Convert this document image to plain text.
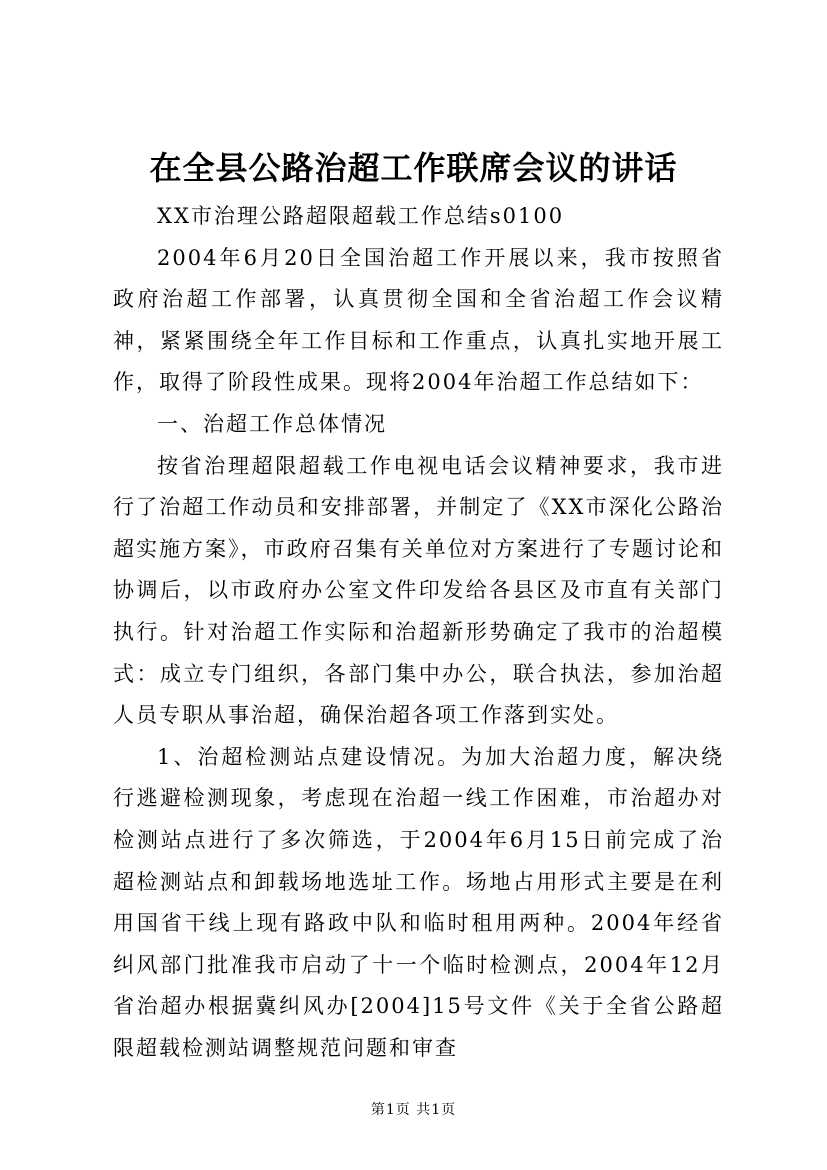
在全县公路治超工作联席会议的讲话

XX市治理公路超限超载工作总结s0100

2004年6月20日全国治超工作开展以来，我市按照省政府治超工作部署，认真贯彻全国和全省治超工作会议精神，紧紧围绕全年工作目标和工作重点，认真扎实地开展工作，取得了阶段性成果。现将2004年治超工作总结如下：

一、治超工作总体情况

按省治理超限超载工作电视电话会议精神要求，我市进行了治超工作动员和安排部署，并制定了《XX市深化公路治超实施方案》，市政府召集有关单位对方案进行了专题讨论和协调后，以市政府办公室文件印发给各县区及市直有关部门执行。针对治超工作实际和治超新形势确定了我市的治超模式：成立专门组织，各部门集中办公，联合执法，参加治超人员专职从事治超，确保治超各项工作落到实处。

1、治超检测站点建设情况。为加大治超力度，解决绕行逃避检测现象，考虑现在治超一线工作困难，市治超办对检测站点进行了多次筛选，于2004年6月15日前完成了治超检测站点和卸载场地选址工作。场地占用形式主要是在利用国省干线上现有路政中队和临时租用两种。2004年经省纠风部门批准我市启动了十一个临时检测点，2004年12月省治超办根据冀纠风办[2004]15号文件《关于全省公路超限超载检测站调整规范问题和审查

第1页 共1页
